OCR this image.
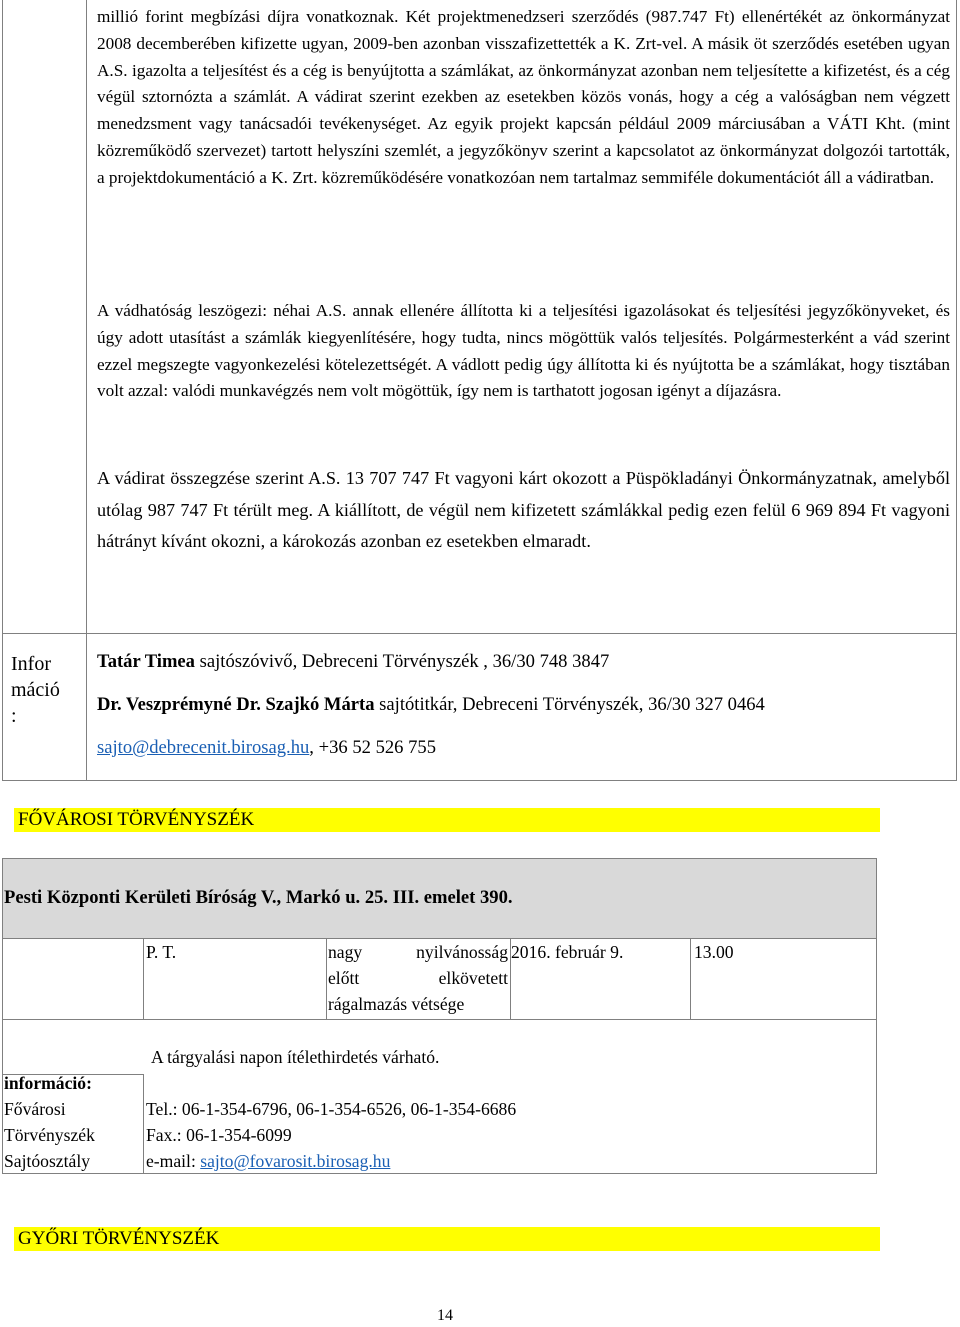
millió forint megbízási díjra vonatkoznak. Két projektmenedzseri szerződés (987.747 Ft) ellenértékét az önkormányzat 2008 decemberében kifizette ugyan, 2009-ben azonban visszafizettették a K. Zrt-vel. A másik öt szerződés esetében ugyan A.S. igazolta a teljesítést és a cég is benyújtotta a számlákat, az önkormányzat azonban nem teljesítette a kifizetést, és a cég végül sztornózta a számlát. A vádirat szerint ezekben az esetekben közös vonás, hogy a cég a valóságban nem végzett menedzsment vagy tanácsadói tevékenységet. Az egyik projekt kapcsán például 2009 márciusában a VÁTI Kht. (mint közreműködő szervezet) tartott helyszíni szemlét, a jegyzőkönyv szerint a kapcsolatot az önkormányzat dolgozói tartották, a projektdokumentáció a K. Zrt. közreműködésére vonatkozóan nem tartalmaz semmiféle dokumentációt áll a vádiratban.
A vádhatóság leszögezi: néhai A.S. annak ellenére állította ki a teljesítési igazolásokat és teljesítési jegyzőkönyveket, és úgy adott utasítást a számlák kiegyenlítésére, hogy tudta, nincs mögöttük valós teljesítés. Polgármesterként a vád szerint ezzel megszegte vagyonkezelési kötelezettségét. A vádlott pedig úgy állította ki és nyújtotta be a számlákat, hogy tisztában volt azzal: valódi munkavégzés nem volt mögöttük, így nem is tarthatott jogosan igényt a díjazásra.
A vádirat összegzése szerint A.S. 13 707 747 Ft vagyoni kárt okozott a Püspökladányi Önkormányzatnak, amelyből utólag 987 747 Ft térült meg. A kiállított, de végül nem kifizetett számlákkal pedig ezen felül 6 969 894 Ft vagyoni hátrányt kívánt okozni, a károkozás azonban ez esetekben elmaradt.
Infor
máció
:
Tatár Timea sajtószóvivő, Debreceni Törvényszék , 36/30 748 3847
Dr. Veszprémyné Dr. Szajkó Márta sajtótitkár, Debreceni Törvényszék, 36/30 327 0464
sajto@debrecenit.birosag.hu, +36 52 526 755
FŐVÁROSI TÖRVÉNYSZÉK
Pesti Központi Kerületi Bíróság V., Markó u. 25. III. emelet 390.
P. T.	nagy nyilvánosság
előtt elkövetett
rágalmazás vétsége
2016. február 9.	13.00
A tárgyalási napon ítélethirdetés várható.
információ:
Fővárosi
Törvényszék
Sajtóosztály
Tel.: 06-1-354-6796, 06-1-354-6526, 06-1-354-6686
Fax.: 06-1-354-6099
e-mail: sajto@fovarosit.birosag.hu
GYŐRI TÖRVÉNYSZÉK
14
